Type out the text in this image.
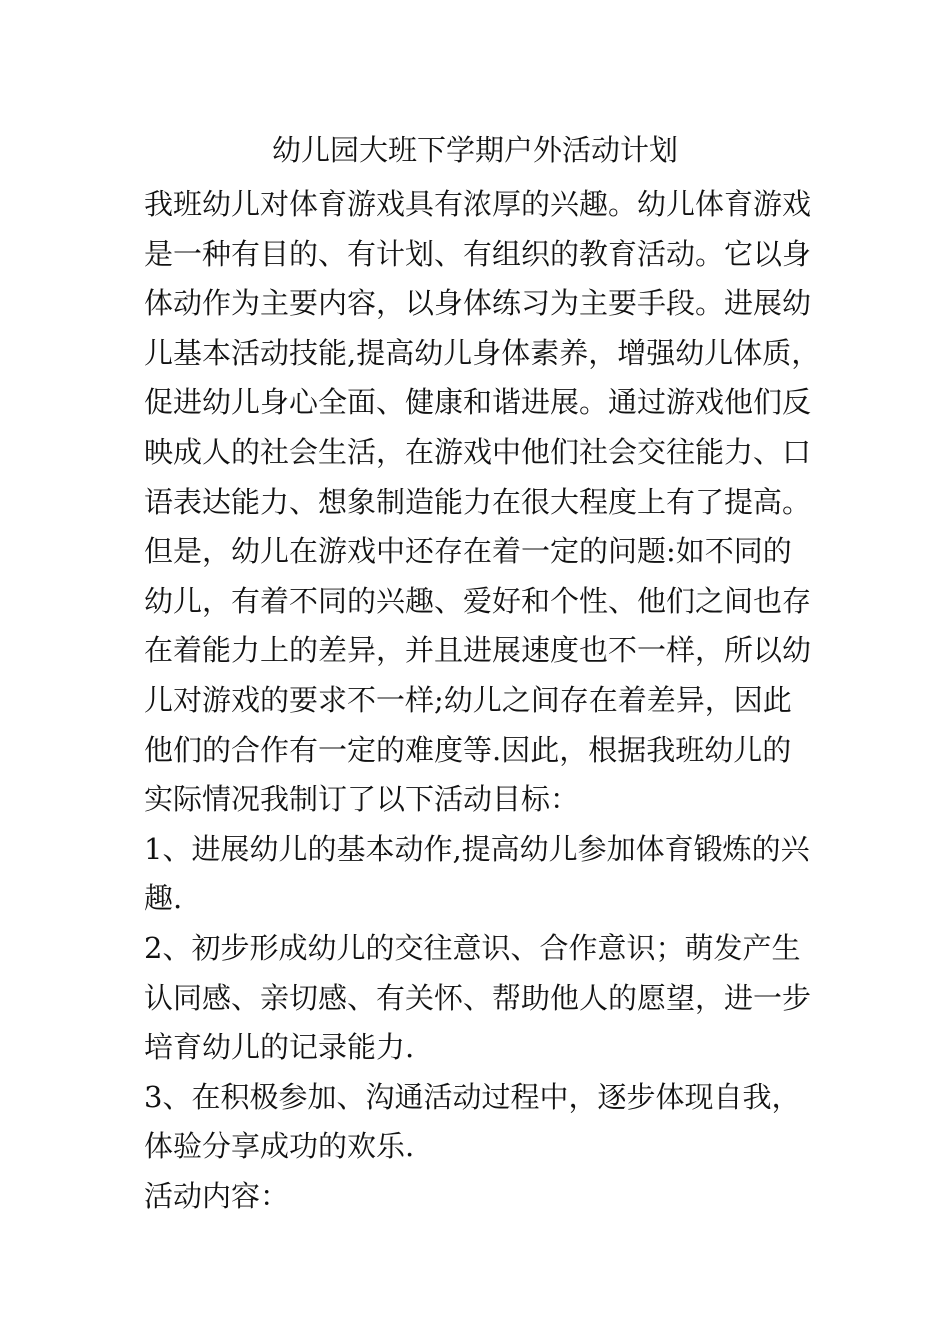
幼儿园大班下学期户外活动计划
我班幼儿对体育游戏具有浓厚的兴趣。幼儿体育游戏
是一种有目的、有计划、有组织的教育活动。它以身
体动作为主要内容，以身体练习为主要手段。进展幼
儿基本活动技能,提高幼儿身体素养，增强幼儿体质，
促进幼儿身心全面、健康和谐进展。通过游戏他们反
映成人的社会生活，在游戏中他们社会交往能力、口
语表达能力、想象制造能力在很大程度上有了提高。
但是，幼儿在游戏中还存在着一定的问题:如不同的
幼儿，有着不同的兴趣、爱好和个性、他们之间也存
在着能力上的差异，并且进展速度也不一样，所以幼
儿对游戏的要求不一样;幼儿之间存在着差异，因此
他们的合作有一定的难度等.因此，根据我班幼儿的
实际情况我制订了以下活动目标：
1、进展幼儿的基本动作,提高幼儿参加体育锻炼的兴
趣.
2、初步形成幼儿的交往意识、合作意识；萌发产生
认同感、亲切感、有关怀、帮助他人的愿望，进一步
培育幼儿的记录能力.
3、在积极参加、沟通活动过程中，逐步体现自我，
体验分享成功的欢乐.
活动内容：
